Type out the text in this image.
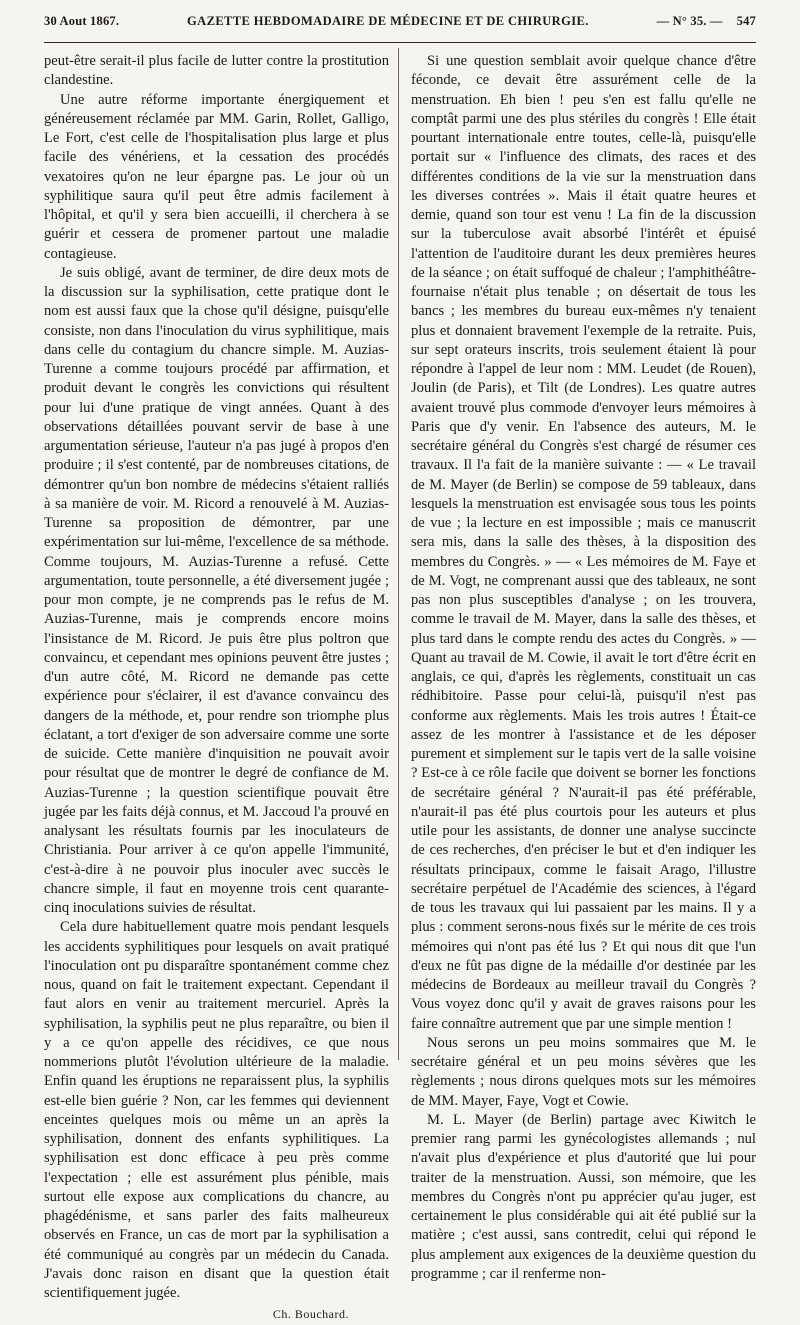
30 Aout 1867.	GAZETTE HEBDOMADAIRE DE MÉDECINE ET DE CHIRURGIE.	— N° 35. — 547

peut-être serait-il plus facile de lutter contre la prostitution clandestine.

Une autre réforme importante énergiquement et généreusement réclamée par MM. Garin, Rollet, Galligo, Le Fort, c'est celle de l'hospitalisation plus large et plus facile des vénériens, et la cessation des procédés vexatoires qu'on ne leur épargne pas. Le jour où un syphilitique saura qu'il peut être admis facilement à l'hôpital, et qu'il y sera bien accueilli, il cherchera à se guérir et cessera de promener partout une maladie contagieuse.

Je suis obligé, avant de terminer, de dire deux mots de la discussion sur la syphilisation, cette pratique dont le nom est aussi faux que la chose qu'il désigne, puisqu'elle consiste, non dans l'inoculation du virus syphilitique, mais dans celle du contagium du chancre simple. M. Auzias-Turenne a comme toujours procédé par affirmation, et produit devant le congrès les convictions qui résultent pour lui d'une pratique de vingt années. Quant à des observations détaillées pouvant servir de base à une argumentation sérieuse, l'auteur n'a pas jugé à propos d'en produire ; il s'est contenté, par de nombreuses citations, de démontrer qu'un bon nombre de médecins s'étaient ralliés à sa manière de voir. M. Ricord a renouvelé à M. Auzias-Turenne sa proposition de démontrer, par une expérimentation sur lui-même, l'excellence de sa méthode. Comme toujours, M. Auzias-Turenne a refusé. Cette argumentation, toute personnelle, a été diversement jugée ; pour mon compte, je ne comprends pas le refus de M. Auzias-Turenne, mais je comprends encore moins l'insistance de M. Ricord. Je puis être plus poltron que convaincu, et cependant mes opinions peuvent être justes ; d'un autre côté, M. Ricord ne demande pas cette expérience pour s'éclairer, il est d'avance convaincu des dangers de la méthode, et, pour rendre son triomphe plus éclatant, a tort d'exiger de son adversaire comme une sorte de suicide. Cette manière d'inquisition ne pouvait avoir pour résultat que de montrer le degré de confiance de M. Auzias-Turenne ; la question scientifique pouvait être jugée par les faits déjà connus, et M. Jaccoud l'a prouvé en analysant les résultats fournis par les inoculateurs de Christiania. Pour arriver à ce qu'on appelle l'immunité, c'est-à-dire à ne pouvoir plus inoculer avec succès le chancre simple, il faut en moyenne trois cent quarante-cinq inoculations suivies de résultat.

Cela dure habituellement quatre mois pendant lesquels les accidents syphilitiques pour lesquels on avait pratiqué l'inoculation ont pu disparaître spontanément comme chez nous, quand on fait le traitement expectant. Cependant il faut alors en venir au traitement mercuriel. Après la syphilisation, la syphilis peut ne plus reparaître, ou bien il y a ce qu'on appelle des récidives, ce que nous nommerions plutôt l'évolution ultérieure de la maladie. Enfin quand les éruptions ne reparaissent plus, la syphilis est-elle bien guérie ? Non, car les femmes qui deviennent enceintes quelques mois ou même un an après la syphilisation, donnent des enfants syphilitiques. La syphilisation est donc efficace à peu près comme l'expectation ; elle est assurément plus pénible, mais surtout elle expose aux complications du chancre, au phagédénisme, et sans parler des faits malheureux observés en France, un cas de mort par la syphilisation a été communiqué au congrès par un médecin du Canada. J'avais donc raison en disant que la question était scientifiquement jugée.

Ch. Bouchard.

Si une question semblait avoir quelque chance d'être féconde, ce devait être assurément celle de la menstruation. Eh bien ! peu s'en est fallu qu'elle ne comptât parmi une des plus stériles du congrès ! Elle était pourtant internationale entre toutes, celle-là, puisqu'elle portait sur « l'influence des climats, des races et des différentes conditions de la vie sur la menstruation dans les diverses contrées ». Mais il était quatre heures et demie, quand son tour est venu ! La fin de la discussion sur la tuberculose avait absorbé l'intérêt et épuisé l'attention de l'auditoire durant les deux premières heures de la séance ; on était suffoqué de chaleur ; l'amphithéâtre-fournaise n'était plus tenable ; on désertait de tous les bancs ; les membres du bureau eux-mêmes n'y tenaient plus et donnaient bravement l'exemple de la retraite. Puis, sur sept orateurs inscrits, trois seulement étaient là pour répondre à l'appel de leur nom : MM. Leudet (de Rouen), Joulin (de Paris), et Tilt (de Londres). Les quatre autres avaient trouvé plus commode d'envoyer leurs mémoires à Paris que d'y venir. En l'absence des auteurs, M. le secrétaire général du Congrès s'est chargé de résumer ces travaux. Il l'a fait de la manière suivante : — « Le travail de M. Mayer (de Berlin) se compose de 59 tableaux, dans lesquels la menstruation est envisagée sous tous les points de vue ; la lecture en est impossible ; mais ce manuscrit sera mis, dans la salle des thèses, à la disposition des membres du Congrès. » — « Les mémoires de M. Faye et de M. Vogt, ne comprenant aussi que des tableaux, ne sont pas non plus susceptibles d'analyse ; on les trouvera, comme le travail de M. Mayer, dans la salle des thèses, et plus tard dans le compte rendu des actes du Congrès. » — Quant au travail de M. Cowie, il avait le tort d'être écrit en anglais, ce qui, d'après les règlements, constituait un cas rédhibitoire. Passe pour celui-là, puisqu'il n'est pas conforme aux règlements. Mais les trois autres ! Était-ce assez de les montrer à l'assistance et de les déposer purement et simplement sur le tapis vert de la salle voisine ? Est-ce à ce rôle facile que doivent se borner les fonctions de secrétaire général ? N'aurait-il pas été préférable, n'aurait-il pas été plus courtois pour les auteurs et plus utile pour les assistants, de donner une analyse succincte de ces recherches, d'en préciser le but et d'en indiquer les résultats principaux, comme le faisait Arago, l'illustre secrétaire perpétuel de l'Académie des sciences, à l'égard de tous les travaux qui lui passaient par les mains. Il y a plus : comment serons-nous fixés sur le mérite de ces trois mémoires qui n'ont pas été lus ? Et qui nous dit que l'un d'eux ne fût pas digne de la médaille d'or destinée par les médecins de Bordeaux au meilleur travail du Congrès ? Vous voyez donc qu'il y avait de graves raisons pour les faire connaître autrement que par une simple mention !

Nous serons un peu moins sommaires que M. le secrétaire général et un peu moins sévères que les règlements ; nous dirons quelques mots sur les mémoires de MM. Mayer, Faye, Vogt et Cowie.

M. L. Mayer (de Berlin) partage avec Kiwitch le premier rang parmi les gynécologistes allemands ; nul n'avait plus d'expérience et plus d'autorité que lui pour traiter de la menstruation. Aussi, son mémoire, que les membres du Congrès n'ont pu apprécier qu'au juger, est certainement le plus considérable qui ait été publié sur la matière ; c'est aussi, sans contredit, celui qui répond le plus amplement aux exigences de la deuxième question du programme ; car il renferme non-
